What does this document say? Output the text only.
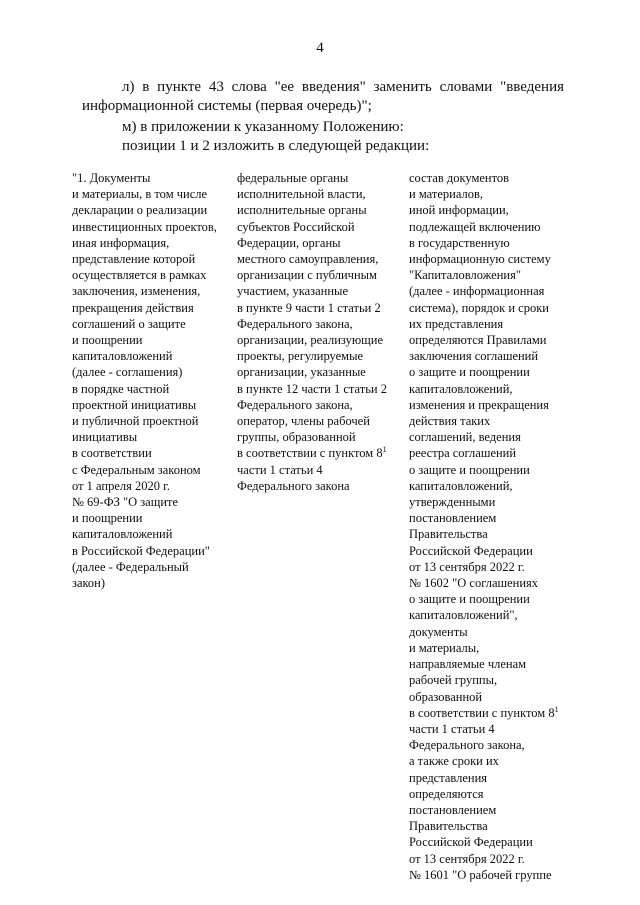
4

л) в пункте 43 слова "ее введения" заменить словами "введения информационной системы (первая очередь)";

м) в приложении к указанному Положению:

позиции 1 и 2 изложить в следующей редакции:

"1. Документы
и материалы, в том числе
декларации о реализации
инвестиционных проектов,
иная информация,
представление которой
осуществляется в рамках
заключения, изменения,
прекращения действия
соглашений о защите
и поощрении
капиталовложений
(далее - соглашения)
в порядке частной
проектной инициативы
и публичной проектной
инициативы
в соответствии
с Федеральным законом
от 1 апреля 2020 г.
№ 69-ФЗ "О защите
и поощрении
капиталовложений
в Российской Федерации"
(далее - Федеральный
закон)
федеральные органы
исполнительной власти,
исполнительные органы
субъектов Российской
Федерации, органы
местного самоуправления,
организации с публичным
участием, указанные
в пункте 9 части 1 статьи 2
Федерального закона,
организации, реализующие
проекты, регулируемые
организации, указанные
в пункте 12 части 1 статьи 2
Федерального закона,
оператор, члены рабочей
группы, образованной
в соответствии с пунктом $8^1$
части 1 статьи 4
Федерального закона
состав документов
и материалов,
иной информации,
подлежащей включению
в государственную
информационную систему
"Капиталовложения"
(далее - информационная
система), порядок и сроки
их представления
определяются Правилами
заключения соглашений
о защите и поощрении
капиталовложений,
изменения и прекращения
действия таких
соглашений, ведения
реестра соглашений
о защите и поощрении
капиталовложений,
утвержденными
постановлением
Правительства
Российской Федерации
от 13 сентября 2022 г.
№ 1602 "О соглашениях
о защите и поощрении
капиталовложений",
документы
и материалы,
направляемые членам
рабочей группы,
образованной
в соответствии с пунктом $8^1$
части 1 статьи 4
Федерального закона,
а также сроки их
представления
определяются
постановлением
Правительства
Российской Федерации
от 13 сентября 2022 г.
№ 1601 "О рабочей группе
